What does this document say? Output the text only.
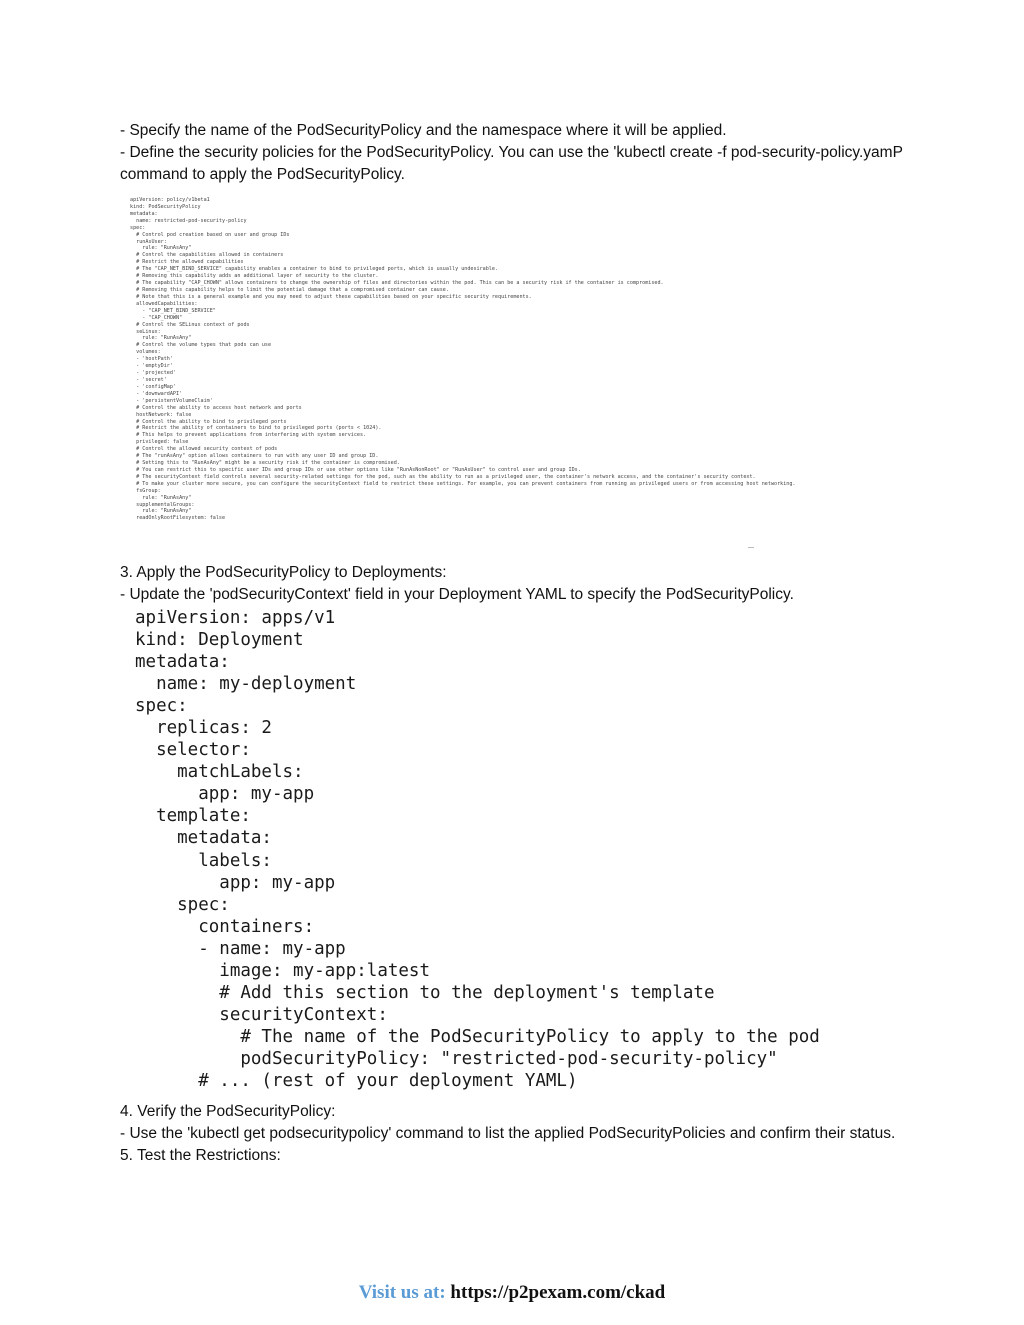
- Specify the name of the PodSecurityPolicy and the namespace where it will be applied.

- Define the security policies for the PodSecurityPolicy. You can use the 'kubectl create -f pod-security-policy.yamP command to apply the PodSecurityPolicy.

apiVersion: policy/v1beta1
kind: PodSecurityPolicy
metadata:
name: restricted-pod-security-policy
spec:
# Control pod creation based on user and group IDs
runAsUser:
rule: "RunAsAny"
# Control the capabilities allowed in containers
# Restrict the allowed capabilities
# The "CAP_NET_BIND_SERVICE" capability enables a container to bind to privileged ports, which is usually undesirable.
# Removing this capability adds an additional layer of security to the cluster.
# The capability "CAP_CHOWN" allows containers to change the ownership of files and directories within the pod. This can be a security risk if the container is compromised.
# Removing this capability helps to limit the potential damage that a compromised container can cause.
# Note that this is a general example and you may need to adjust these capabilities based on your specific security requirements.
allowedCapabilities:
- "CAP_NET_BIND_SERVICE"
- "CAP_CHOWN"
# Control the SELinux context of pods
seLinux:
rule: "RunAsAny"
# Control the volume types that pods can use
volumes:
- 'hostPath'
- 'emptyDir'
- 'projected'
- 'secret'
- 'configMap'
- 'downwardAPI'
- 'persistentVolumeClaim'
# Control the ability to access host network and ports
hostNetwork: false
# Control the ability to bind to privileged ports
# Restrict the ability of containers to bind to privileged ports (ports < 1024).
# This helps to prevent applications from interfering with system services.
privileged: false
# Control the allowed security context of pods
# The "runAsAny" option allows containers to run with any user ID and group ID.
# Setting this to "RunAsAny" might be a security risk if the container is compromised.
# You can restrict this to specific user IDs and group IDs or use other options like "RunAsNonRoot" or "RunAsUser" to control user and group IDs.
# The securityContext field controls several security-related settings for the pod, such as the ability to run as a privileged user, the container's network access, and the container's security context.
# To make your cluster more secure, you can configure the securityContext field to restrict these settings. For example, you can prevent containers from running as privileged users or from accessing host networking.
fsGroup:
rule: "RunAsAny"
supplementalGroups:
rule: "RunAsAny"
readOnlyRootFilesystem: false

3. Apply the PodSecurityPolicy to Deployments:

- Update the 'podSecurityContext' field in your Deployment YAML to specify the PodSecurityPolicy.

apiVersion: apps/v1
kind: Deployment
metadata:
name: my-deployment
spec:
replicas: 2
selector:
matchLabels:
app: my-app
template:
metadata:
labels:
app: my-app
spec:
containers:
- name: my-app
image: my-app:latest
# Add this section to the deployment's template
securityContext:
# The name of the PodSecurityPolicy to apply to the pod
podSecurityPolicy: "restricted-pod-security-policy"
# ... (rest of your deployment YAML)

4. Verify the PodSecurityPolicy:

- Use the 'kubectl get podsecuritypolicy' command to list the applied PodSecurityPolicies and confirm their status.

5. Test the Restrictions:

Visit us at: https://p2pexam.com/ckad
